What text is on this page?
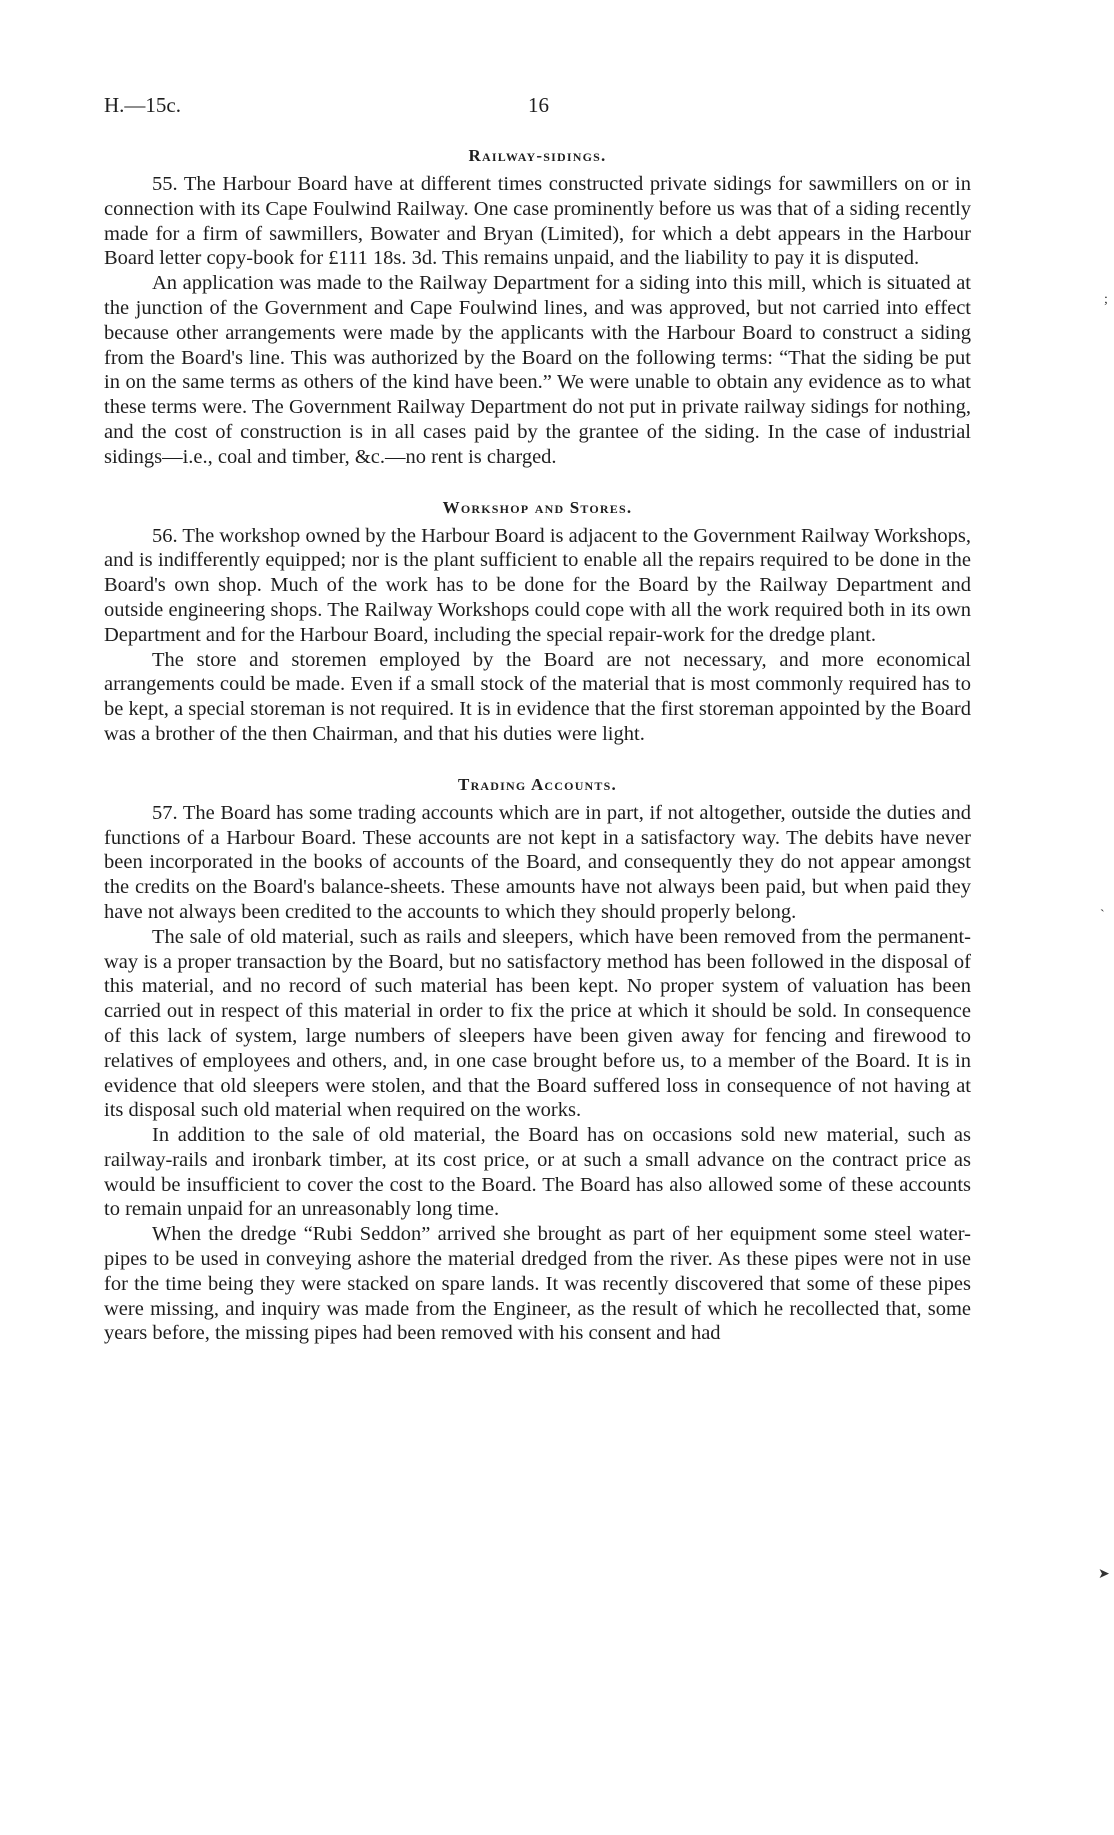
H.—15c.	16
Railway-sidings.

55. The Harbour Board have at different times constructed private sidings for sawmillers on or in connection with its Cape Foulwind Railway. One case prominently before us was that of a siding recently made for a firm of sawmillers, Bowater and Bryan (Limited), for which a debt appears in the Harbour Board letter copy-book for £111 18s. 3d. This remains unpaid, and the liability to pay it is disputed.

An application was made to the Railway Department for a siding into this mill, which is situated at the junction of the Government and Cape Foulwind lines, and was approved, but not carried into effect because other arrangements were made by the applicants with the Harbour Board to construct a siding from the Board's line. This was authorized by the Board on the following terms: “That the siding be put in on the same terms as others of the kind have been.” We were unable to obtain any evidence as to what these terms were. The Government Railway Department do not put in private railway sidings for nothing, and the cost of construction is in all cases paid by the grantee of the siding. In the case of industrial sidings—i.e., coal and timber, &c.—no rent is charged.

Workshop and Stores.

56. The workshop owned by the Harbour Board is adjacent to the Government Railway Workshops, and is indifferently equipped; nor is the plant sufficient to enable all the repairs required to be done in the Board's own shop. Much of the work has to be done for the Board by the Railway Department and outside engineering shops. The Railway Workshops could cope with all the work required both in its own Department and for the Harbour Board, including the special repair-work for the dredge plant.

The store and storemen employed by the Board are not necessary, and more economical arrangements could be made. Even if a small stock of the material that is most commonly required has to be kept, a special storeman is not required. It is in evidence that the first storeman appointed by the Board was a brother of the then Chairman, and that his duties were light.

Trading Accounts.

57. The Board has some trading accounts which are in part, if not altogether, outside the duties and functions of a Harbour Board. These accounts are not kept in a satisfactory way. The debits have never been incorporated in the books of accounts of the Board, and consequently they do not appear amongst the credits on the Board's balance-sheets. These amounts have not always been paid, but when paid they have not always been credited to the accounts to which they should properly belong.

The sale of old material, such as rails and sleepers, which have been removed from the permanent-way is a proper transaction by the Board, but no satisfactory method has been followed in the disposal of this material, and no record of such material has been kept. No proper system of valuation has been carried out in respect of this material in order to fix the price at which it should be sold. In consequence of this lack of system, large numbers of sleepers have been given away for fencing and firewood to relatives of employees and others, and, in one case brought before us, to a member of the Board. It is in evidence that old sleepers were stolen, and that the Board suffered loss in consequence of not having at its disposal such old material when required on the works.

In addition to the sale of old material, the Board has on occasions sold new material, such as railway-rails and ironbark timber, at its cost price, or at such a small advance on the contract price as would be insufficient to cover the cost to the Board. The Board has also allowed some of these accounts to remain unpaid for an unreasonably long time.

When the dredge “Rubi Seddon” arrived she brought as part of her equipment some steel water-pipes to be used in conveying ashore the material dredged from the river. As these pipes were not in use for the time being they were stacked on spare lands. It was recently discovered that some of these pipes were missing, and inquiry was made from the Engineer, as the result of which he recollected that, some years before, the missing pipes had been removed with his consent and had

;
`
➤
